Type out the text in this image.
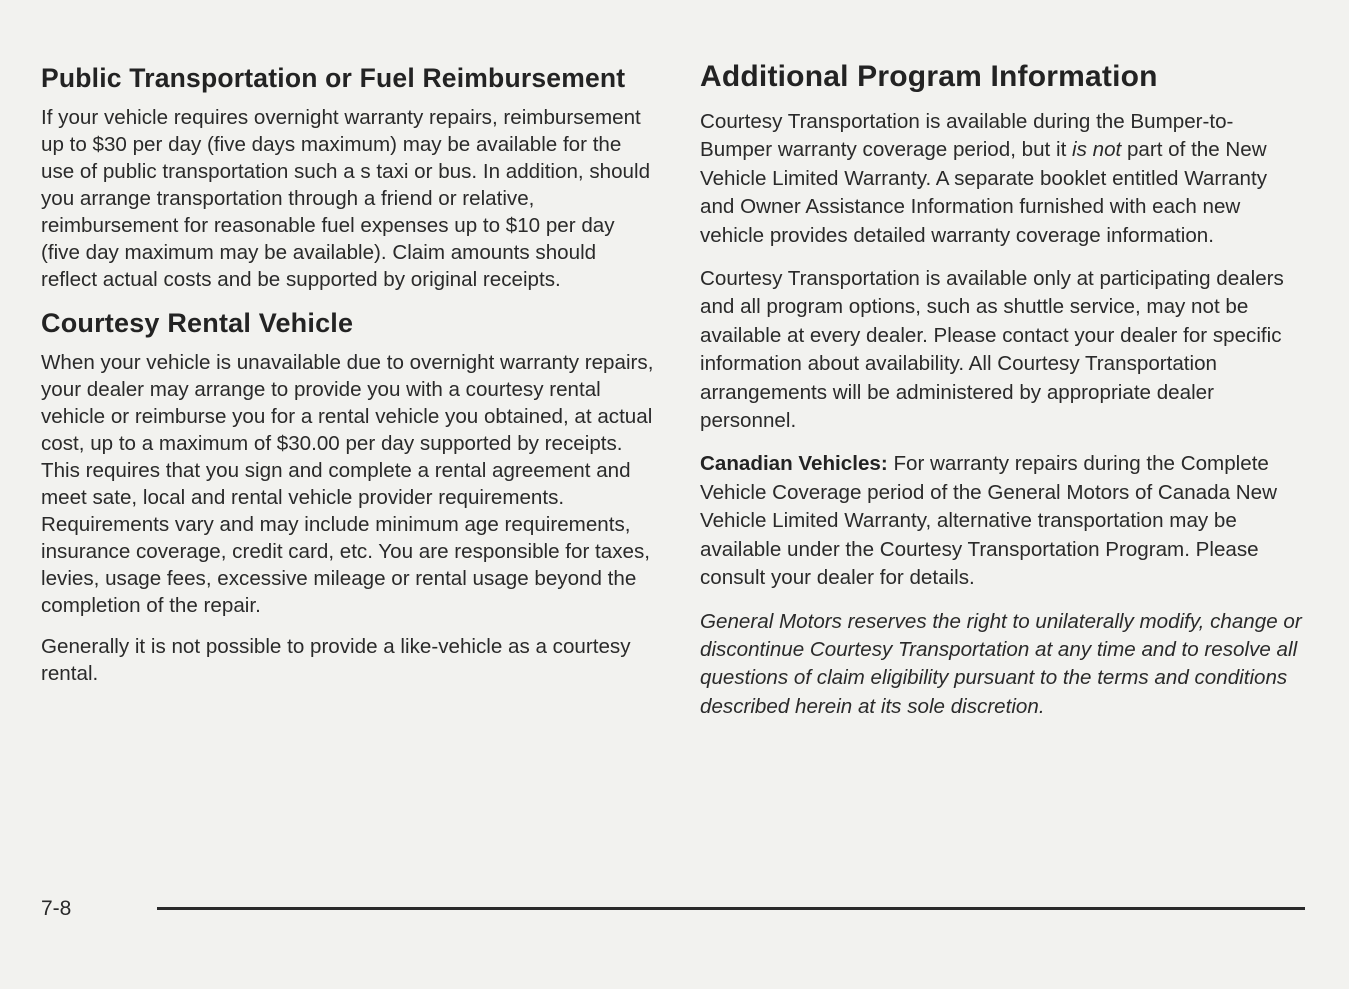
Public Transportation or Fuel Reimbursement

If your vehicle requires overnight warranty repairs, reimbursement up to $30 per day (five days maximum) may be available for the use of public transportation such a s taxi or bus. In addition, should you arrange transportation through a friend or relative, reimbursement for reasonable fuel expenses up to $10 per day (five day maximum may be available). Claim amounts should reflect actual costs and be supported by original receipts.

Courtesy Rental Vehicle

When your vehicle is unavailable due to overnight warranty repairs, your dealer may arrange to provide you with a courtesy rental vehicle or reimburse you for a rental vehicle you obtained, at actual cost, up to a maximum of $30.00 per day supported by receipts. This requires that you sign and complete a rental agreement and meet sate, local and rental vehicle provider requirements. Requirements vary and may include minimum age requirements, insurance coverage, credit card, etc. You are responsible for taxes, levies, usage fees, excessive mileage or rental usage beyond the completion of the repair.

Generally it is not possible to provide a like-vehicle as a courtesy rental.

Additional Program Information

Courtesy Transportation is available during the Bumper-to-Bumper warranty coverage period, but it is not part of the New Vehicle Limited Warranty. A separate booklet entitled Warranty and Owner Assistance Information furnished with each new vehicle provides detailed warranty coverage information.

Courtesy Transportation is available only at participating dealers and all program options, such as shuttle service, may not be available at every dealer. Please contact your dealer for specific information about availability. All Courtesy Transportation arrangements will be administered by appropriate dealer personnel.

Canadian Vehicles: For warranty repairs during the Complete Vehicle Coverage period of the General Motors of Canada New Vehicle Limited Warranty, alternative transportation may be available under the Courtesy Transportation Program. Please consult your dealer for details.

General Motors reserves the right to unilaterally modify, change or discontinue Courtesy Transportation at any time and to resolve all questions of claim eligibility pursuant to the terms and conditions described herein at its sole discretion.

7-8
